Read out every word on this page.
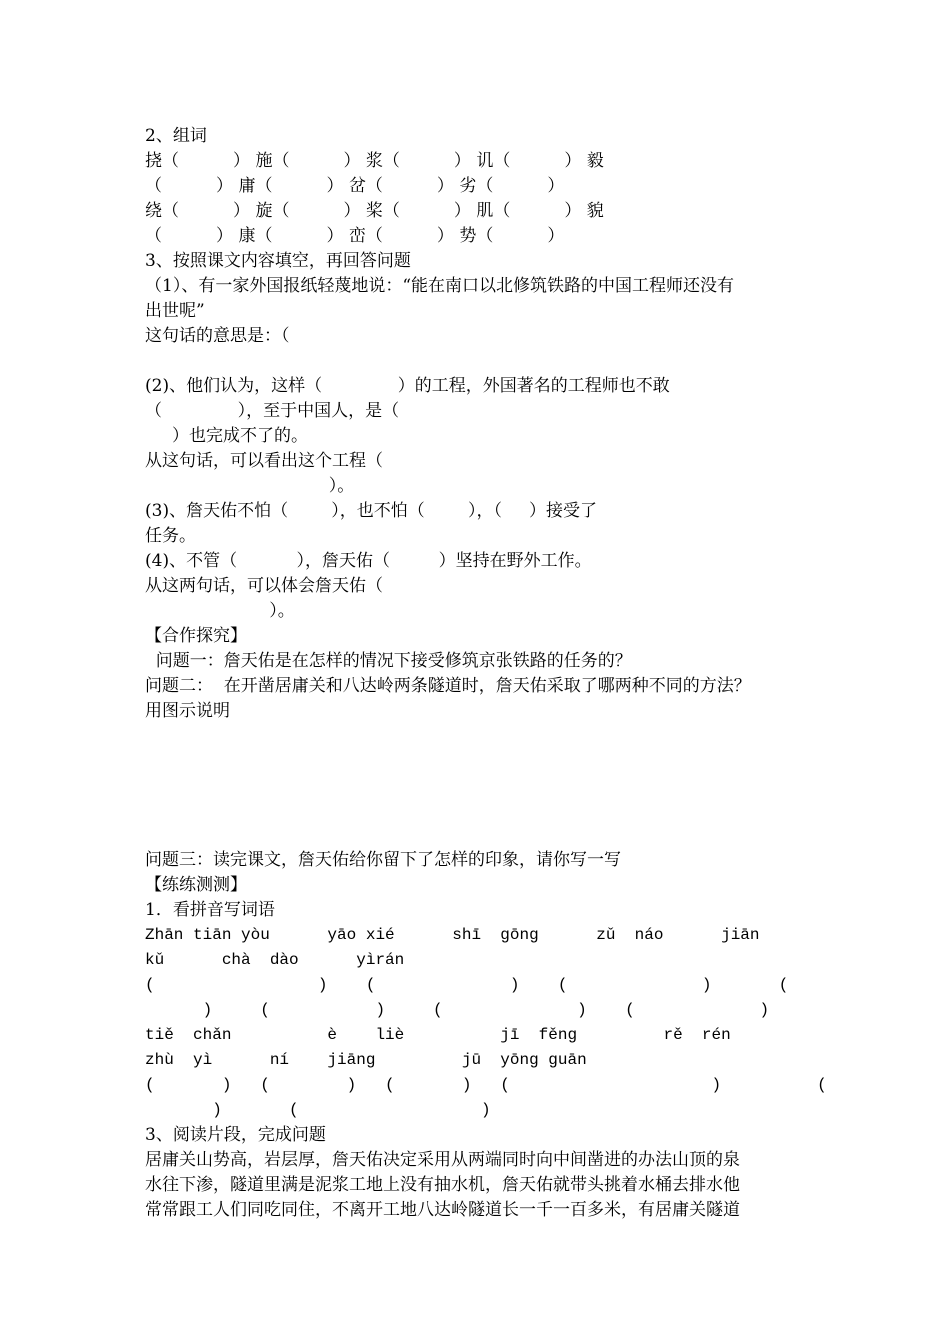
2、组词

挠（          ） 施（          ） 浆（          ） 讥（          ） 毅

（          ） 庸（          ） 岔（          ） 劣（          ）

绕（          ） 旋（          ） 桨（          ） 肌（          ） 貌

（          ） 康（          ） 峦（          ） 势（          ）

3、按照课文内容填空，再回答问题

（1）、有一家外国报纸轻蔑地说：“能在南口以北修筑铁路的中国工程师还没有

出世呢”

这句话的意思是：（

(2)、他们认为，这样（              ）的工程，外国著名的工程师也不敢

（              ），至于中国人，是（

）也完成不了的。

从这句话，可以看出这个工程（

）。

(3)、詹天佑不怕（        ），也不怕（        ），（     ）接受了

任务。

(4)、不管（           ），詹天佑（         ）坚持在野外工作。

从这两句话，可以体会詹天佑（

）。

【合作探究】

问题一：詹天佑是在怎样的情况下接受修筑京张铁路的任务的？

问题二：  在开凿居庸关和八达岭两条隧道时，詹天佑采取了哪两种不同的方法？

用图示说明

问题三：读完课文，詹天佑给你留下了怎样的印象，请你写一写

【练练测测】

1．看拼音写词语

Zhān tiān yòu      yāo xié      shī  gōng      zǔ  náo      jiān

kǔ      chà  dào      yìrán

(                 )    (              )    (              )       (

)     (           )     (              )    (             )

tiě  chǎn          è    liè          jī  fěng         rě  rén

zhù  yì      ní    jiāng         jū  yōng guān

(       )   (        )   (       )   (                     )          (

)       (                   )

3、阅读片段，完成问题

居庸关山势高，岩层厚，詹天佑决定采用从两端同时向中间凿进的办法山顶的泉

水往下渗，隧道里满是泥浆工地上没有抽水机，詹天佑就带头挑着水桶去排水他

常常跟工人们同吃同住，不离开工地八达岭隧道长一千一百多米，有居庸关隧道
